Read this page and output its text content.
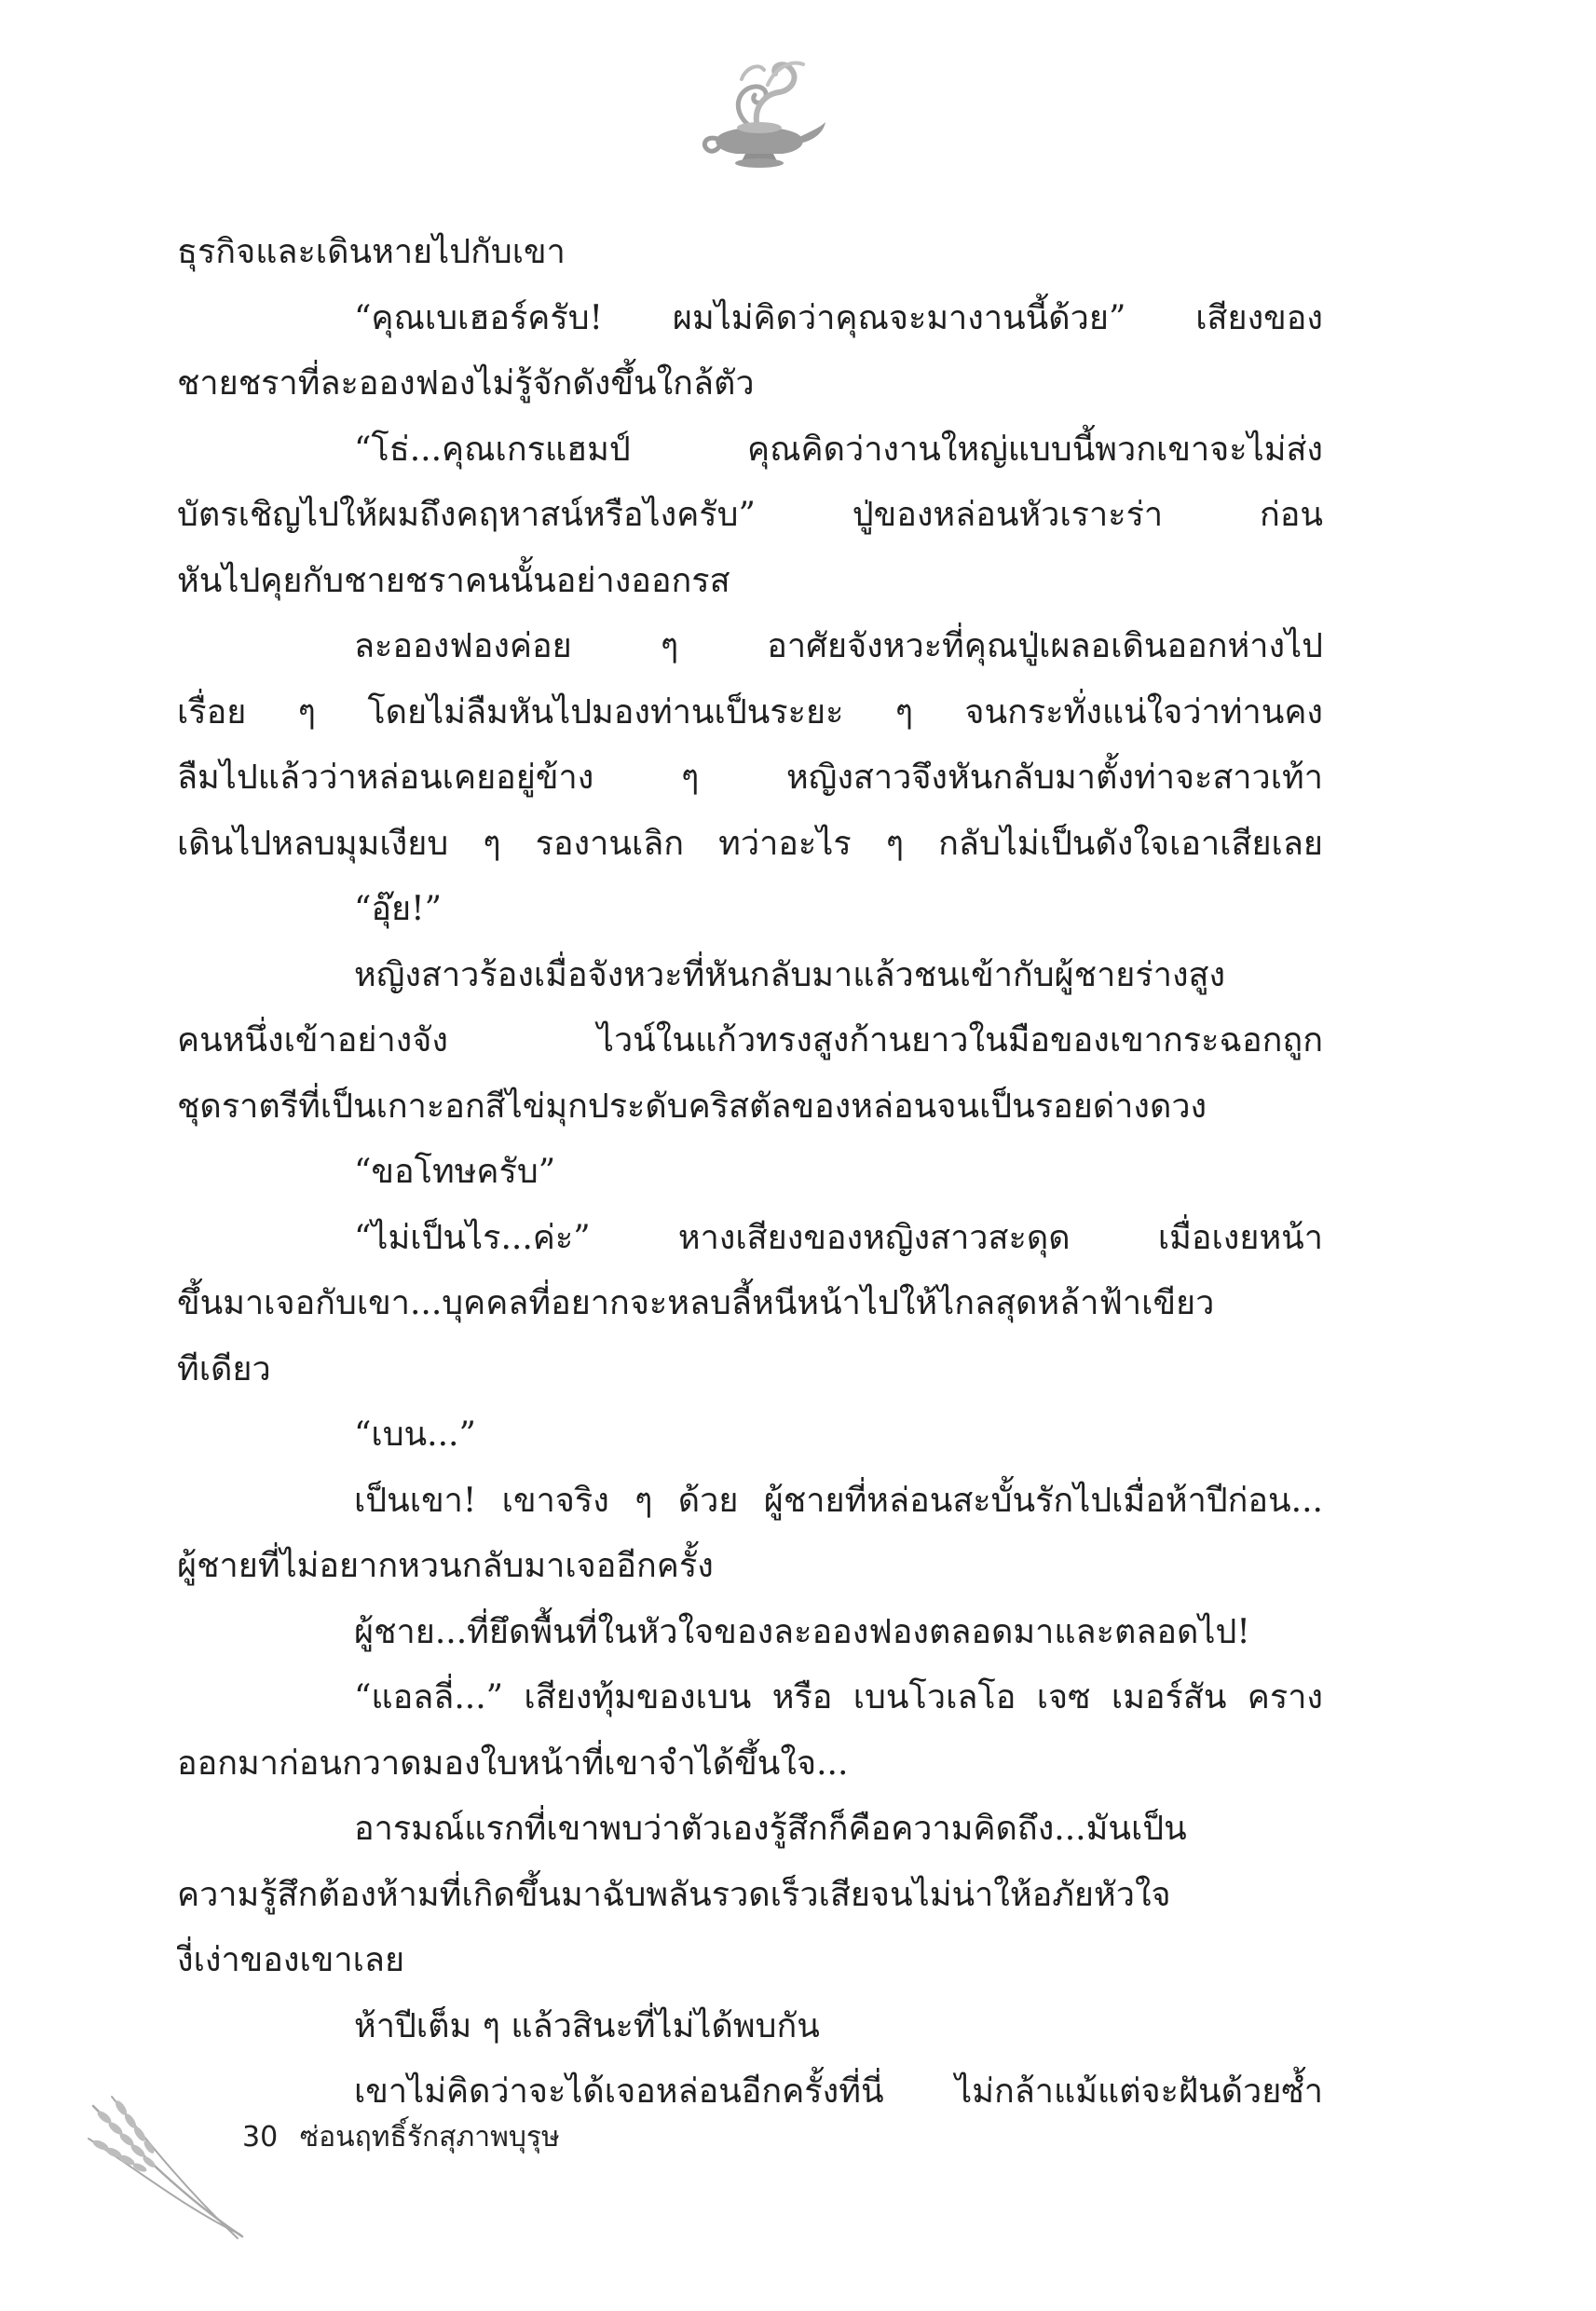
ธุรกิจและเดินหายไปกับเขา
“คุณเบเฮอร์ครับ! ผมไม่คิดว่าคุณจะมางานนี้ด้วย” เสียงของ
ชายชราที่ละอองฟองไม่รู้จักดังขึ้นใกล้ตัว
“โธ่...คุณเกรแฮมป์ คุณคิดว่างานใหญ่แบบนี้พวกเขาจะไม่ส่ง
บัตรเชิญไปให้ผมถึงคฤหาสน์หรือไงครับ” ปู่ของหล่อนหัวเราะร่า ก่อน
หันไปคุยกับชายชราคนนั้นอย่างออกรส
ละอองฟองค่อย ๆ อาศัยจังหวะที่คุณปู่เผลอเดินออกห่างไป
เรื่อย ๆ โดยไม่ลืมหันไปมองท่านเป็นระยะ ๆ จนกระทั่งแน่ใจว่าท่านคง
ลืมไปแล้วว่าหล่อนเคยอยู่ข้าง ๆ หญิงสาวจึงหันกลับมาตั้งท่าจะสาวเท้า
เดินไปหลบมุมเงียบ ๆ รองานเลิก ทว่าอะไร ๆ กลับไม่เป็นดังใจเอาเสียเลย
“อุ๊ย!”
หญิงสาวร้องเมื่อจังหวะที่หันกลับมาแล้วชนเข้ากับผู้ชายร่างสูง
คนหนึ่งเข้าอย่างจัง ไวน์ในแก้วทรงสูงก้านยาวในมือของเขากระฉอกถูก
ชุดราตรีที่เป็นเกาะอกสีไข่มุกประดับคริสตัลของหล่อนจนเป็นรอยด่างดวง
“ขอโทษครับ”
“ไม่เป็นไร...ค่ะ” หางเสียงของหญิงสาวสะดุด เมื่อเงยหน้า
ขึ้นมาเจอกับเขา...บุคคลที่อยากจะหลบลี้หนีหน้าไปให้ไกลสุดหล้าฟ้าเขียว
ทีเดียว
“เบน...”
เป็นเขา! เขาจริง ๆ ด้วย ผู้ชายที่หล่อนสะบั้นรักไปเมื่อห้าปีก่อน...
ผู้ชายที่ไม่อยากหวนกลับมาเจออีกครั้ง
ผู้ชาย...ที่ยึดพื้นที่ในหัวใจของละอองฟองตลอดมาและตลอดไป!
“แอลลี่...” เสียงทุ้มของเบน หรือ เบนโวเลโอ เจซ เมอร์สัน คราง
ออกมาก่อนกวาดมองใบหน้าที่เขาจำได้ขึ้นใจ...
อารมณ์แรกที่เขาพบว่าตัวเองรู้สึกก็คือความคิดถึง...มันเป็น
ความรู้สึกต้องห้ามที่เกิดขึ้นมาฉับพลันรวดเร็วเสียจนไม่น่าให้อภัยหัวใจ
งี่เง่าของเขาเลย
ห้าปีเต็ม ๆ แล้วสินะที่ไม่ได้พบกัน
เขาไม่คิดว่าจะได้เจอหล่อนอีกครั้งที่นี่ ไม่กล้าแม้แต่จะฝันด้วยซ้ำ
30 ซ่อนฤทธิ์รักสุภาพบุรุษ
